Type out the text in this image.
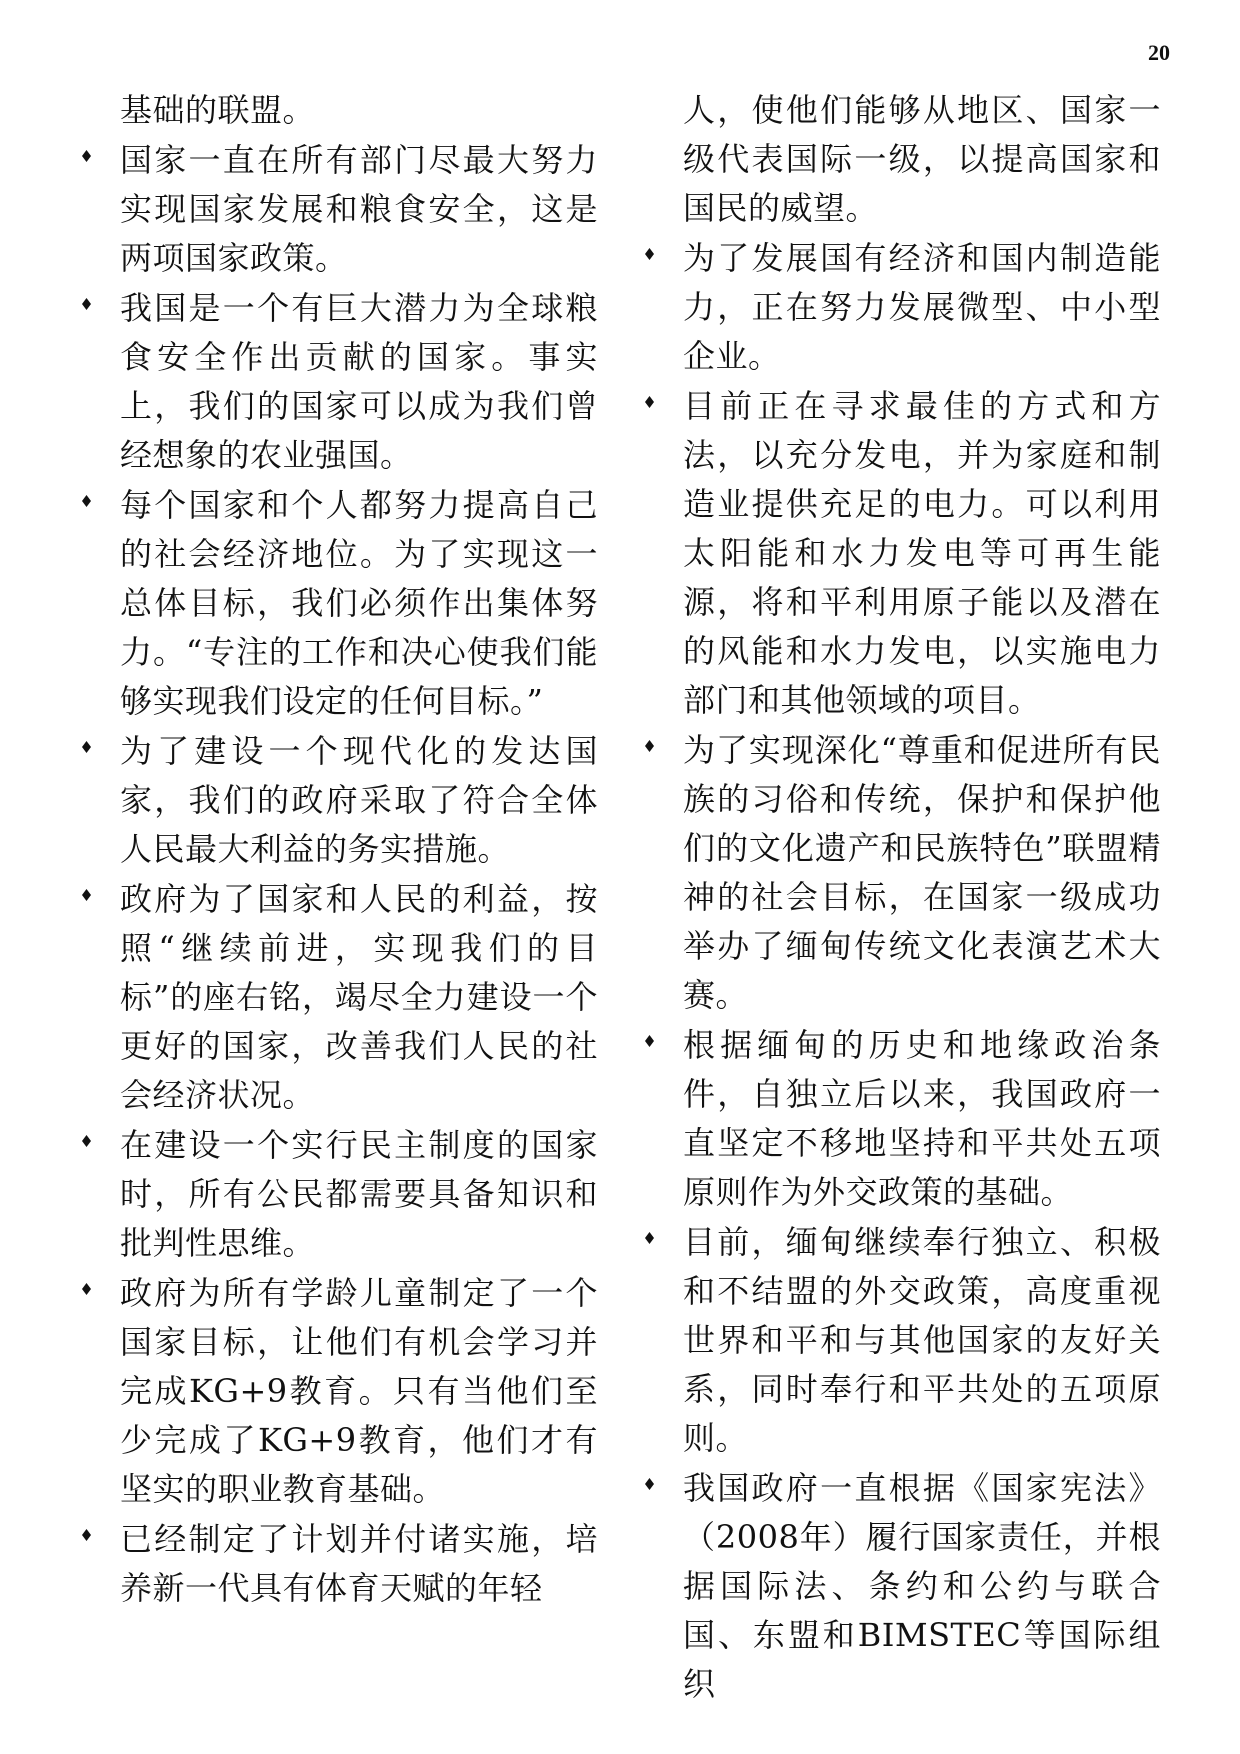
20

基础的联盟。

国家一直在所有部门尽最大努力实现国家发展和粮食安全，这是两项国家政策。
我国是一个有巨大潜力为全球粮食安全作出贡献的国家。事实上，我们的国家可以成为我们曾经想象的农业强国。
每个国家和个人都努力提高自己的社会经济地位。为了实现这一总体目标，我们必须作出集体努力。“专注的工作和决心使我们能够实现我们设定的任何目标。”
为了建设一个现代化的发达国家，我们的政府采取了符合全体人民最大利益的务实措施。
政府为了国家和人民的利益，按照“继续前进，实现我们的目标”的座右铭，竭尽全力建设一个更好的国家，改善我们人民的社会经济状况。
在建设一个实行民主制度的国家时，所有公民都需要具备知识和批判性思维。
政府为所有学龄儿童制定了一个国家目标，让他们有机会学习并完成KG+9教育。只有当他们至少完成了KG+9教育，他们才有坚实的职业教育基础。
已经制定了计划并付诸实施，培养新一代具有体育天赋的年轻

人，使他们能够从地区、国家一级代表国际一级，以提高国家和国民的威望。

为了发展国有经济和国内制造能力，正在努力发展微型、中小型企业。
目前正在寻求最佳的方式和方法，以充分发电，并为家庭和制造业提供充足的电力。可以利用太阳能和水力发电等可再生能源，将和平利用原子能以及潜在的风能和水力发电，以实施电力部门和其他领域的项目。
为了实现深化“尊重和促进所有民族的习俗和传统，保护和保护他们的文化遗产和民族特色”联盟精神的社会目标，在国家一级成功举办了缅甸传统文化表演艺术大赛。
根据缅甸的历史和地缘政治条件，自独立后以来，我国政府一直坚定不移地坚持和平共处五项原则作为外交政策的基础。
目前，缅甸继续奉行独立、积极和不结盟的外交政策，高度重视世界和平和与其他国家的友好关系，同时奉行和平共处的五项原则。
我国政府一直根据《国家宪法》（2008年）履行国家责任，并根据国际法、条约和公约与联合国、东盟和BIMSTEC等国际组织
